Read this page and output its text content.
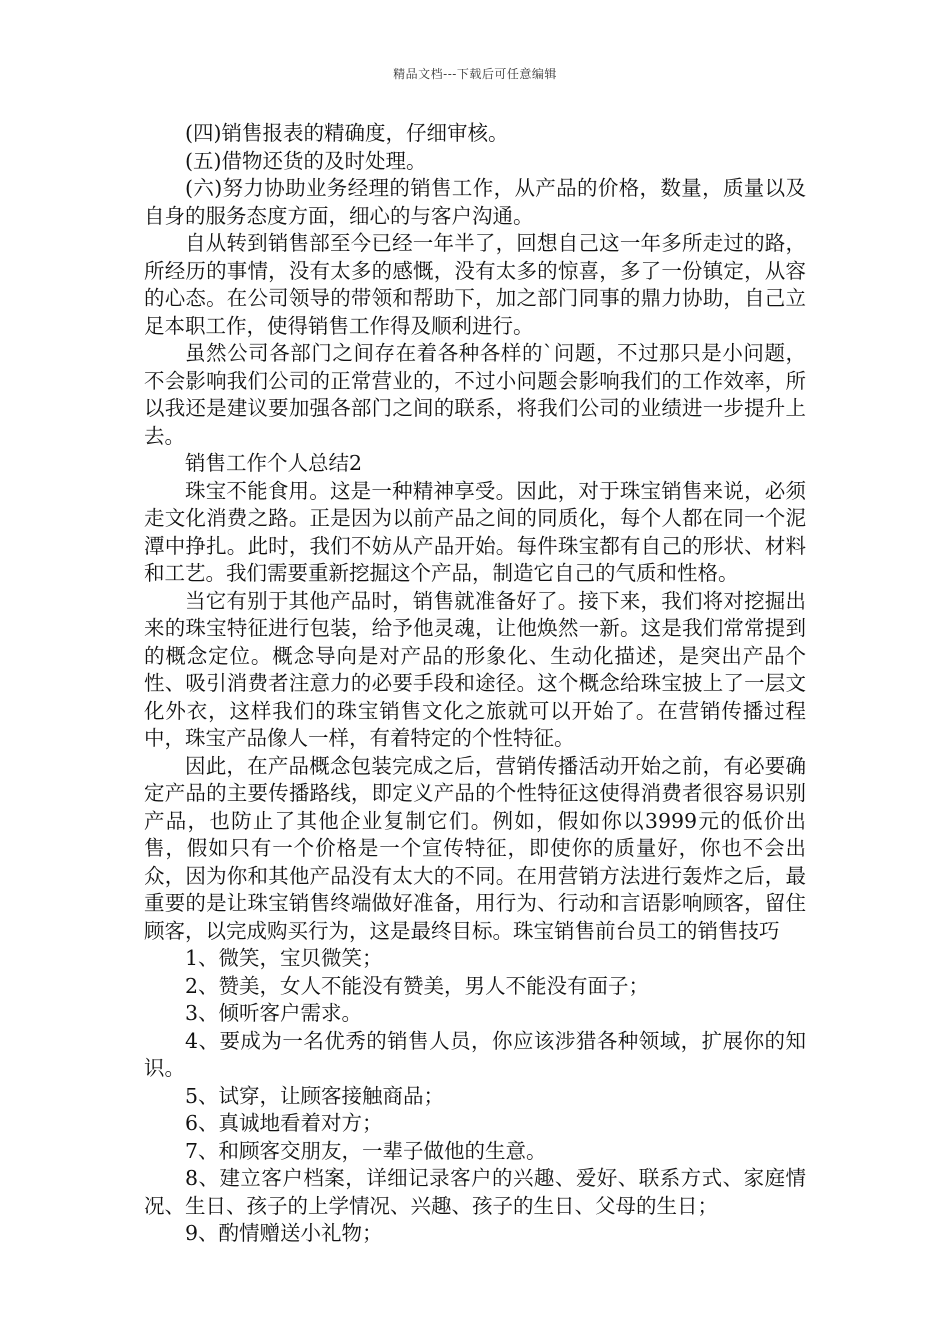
精品文档---下载后可任意编辑

(四)销售报表的精确度，仔细审核。

(五)借物还货的及时处理。

(六)努力协助业务经理的销售工作，从产品的价格，数量，质量以及自身的服务态度方面，细心的与客户沟通。

自从转到销售部至今已经一年半了，回想自己这一年多所走过的路，所经历的事情，没有太多的感慨，没有太多的惊喜，多了一份镇定，从容的心态。在公司领导的带领和帮助下，加之部门同事的鼎力协助，自己立足本职工作，使得销售工作得及顺利进行。

虽然公司各部门之间存在着各种各样的`问题，不过那只是小问题，不会影响我们公司的正常营业的，不过小问题会影响我们的工作效率，所以我还是建议要加强各部门之间的联系，将我们公司的业绩进一步提升上去。

销售工作个人总结2

珠宝不能食用。这是一种精神享受。因此，对于珠宝销售来说，必须走文化消费之路。正是因为以前产品之间的同质化，每个人都在同一个泥潭中挣扎。此时，我们不妨从产品开始。每件珠宝都有自己的形状、材料和工艺。我们需要重新挖掘这个产品，制造它自己的气质和性格。

当它有别于其他产品时，销售就准备好了。接下来，我们将对挖掘出来的珠宝特征进行包装，给予他灵魂，让他焕然一新。这是我们常常提到的概念定位。概念导向是对产品的形象化、生动化描述，是突出产品个性、吸引消费者注意力的必要手段和途径。这个概念给珠宝披上了一层文化外衣，这样我们的珠宝销售文化之旅就可以开始了。在营销传播过程中，珠宝产品像人一样，有着特定的个性特征。

因此，在产品概念包装完成之后，营销传播活动开始之前，有必要确定产品的主要传播路线，即定义产品的个性特征这使得消费者很容易识别产品，也防止了其他企业复制它们。例如，假如你以3999元的低价出售，假如只有一个价格是一个宣传特征，即使你的质量好，你也不会出众，因为你和其他产品没有太大的不同。在用营销方法进行轰炸之后，最重要的是让珠宝销售终端做好准备，用行为、行动和言语影响顾客，留住顾客，以完成购买行为，这是最终目标。珠宝销售前台员工的销售技巧

1、微笑，宝贝微笑；

2、赞美，女人不能没有赞美，男人不能没有面子；

3、倾听客户需求。

4、要成为一名优秀的销售人员，你应该涉猎各种领域，扩展你的知识。

5、试穿，让顾客接触商品；

6、真诚地看着对方；

7、和顾客交朋友，一辈子做他的生意。

8、建立客户档案，详细记录客户的兴趣、爱好、联系方式、家庭情况、生日、孩子的上学情况、兴趣、孩子的生日、父母的生日；

9、酌情赠送小礼物；
